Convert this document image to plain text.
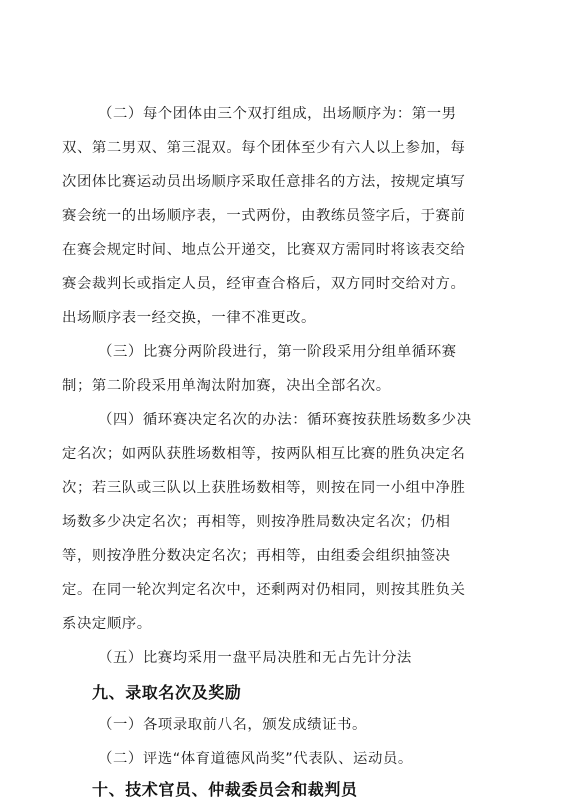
（二）每个团体由三个双打组成，出场顺序为：第一男
双、第二男双、第三混双。每个团体至少有六人以上参加，每
次团体比赛运动员出场顺序采取任意排名的方法，按规定填写
赛会统一的出场顺序表，一式两份，由教练员签字后，于赛前
在赛会规定时间、地点公开递交，比赛双方需同时将该表交给
赛会裁判长或指定人员，经审查合格后，双方同时交给对方。
出场顺序表一经交换，一律不准更改。
（三）比赛分两阶段进行，第一阶段采用分组单循环赛
制；第二阶段采用单淘汰附加赛，决出全部名次。
（四）循环赛决定名次的办法：循环赛按获胜场数多少决
定名次；如两队获胜场数相等，按两队相互比赛的胜负决定名
次；若三队或三队以上获胜场数相等，则按在同一小组中净胜
场数多少决定名次；再相等，则按净胜局数决定名次；仍相
等，则按净胜分数决定名次；再相等，由组委会组织抽签决
定。在同一轮次判定名次中，还剩两对仍相同，则按其胜负关
系决定顺序。
（五）比赛均采用一盘平局决胜和无占先计分法
九、录取名次及奖励
（一）各项录取前八名，颁发成绩证书。
（二）评选“体育道德风尚奖”代表队、运动员。
十、技术官员、仲裁委员会和裁判员
